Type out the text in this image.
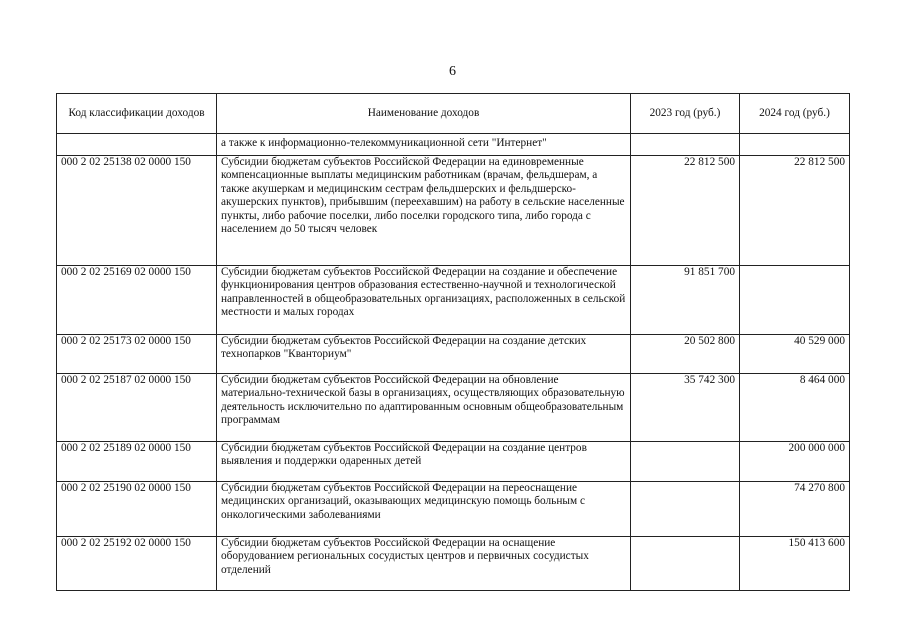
6
Код классификации доходов	Наименование доходов	2023 год (руб.)	2024 год (руб.)
	а также к информационно-телекоммуникационной сети "Интернет"		
000 2 02 25138 02 0000 150	Субсидии бюджетам субъектов Российской Федерации на единовременные компенсационные выплаты медицинским работникам (врачам, фельдшерам, а также акушеркам и медицинским сестрам фельдшерских и фельдшерско-акушерских пунктов), прибывшим (переехавшим) на работу в сельские населенные пункты, либо рабочие поселки, либо поселки городского типа, либо города с населением до 50 тысяч человек	22 812 500	22 812 500
000 2 02 25169 02 0000 150	Субсидии бюджетам субъектов Российской Федерации на создание и обеспечение функционирования центров образования естественно-научной и технологической направленностей в общеобразовательных организациях, расположенных в сельской местности и малых городах	91 851 700	
000 2 02 25173 02 0000 150	Субсидии бюджетам субъектов Российской Федерации на создание детских технопарков "Кванториум"	20 502 800	40 529 000
000 2 02 25187 02 0000 150	Субсидии бюджетам субъектов Российской Федерации на обновление материально-технической базы в организациях, осуществляющих образовательную деятельность исключительно по адаптированным основным общеобразовательным программам	35 742 300	8 464 000
000 2 02 25189 02 0000 150	Субсидии бюджетам субъектов Российской Федерации на создание центров выявления и поддержки одаренных детей		200 000 000
000 2 02 25190 02 0000 150	Субсидии бюджетам субъектов Российской Федерации на переоснащение медицинских организаций, оказывающих медицинскую помощь больным с онкологическими заболеваниями		74 270 800
000 2 02 25192 02 0000 150	Субсидии бюджетам субъектов Российской Федерации на оснащение оборудованием региональных сосудистых центров и первичных сосудистых отделений		150 413 600
